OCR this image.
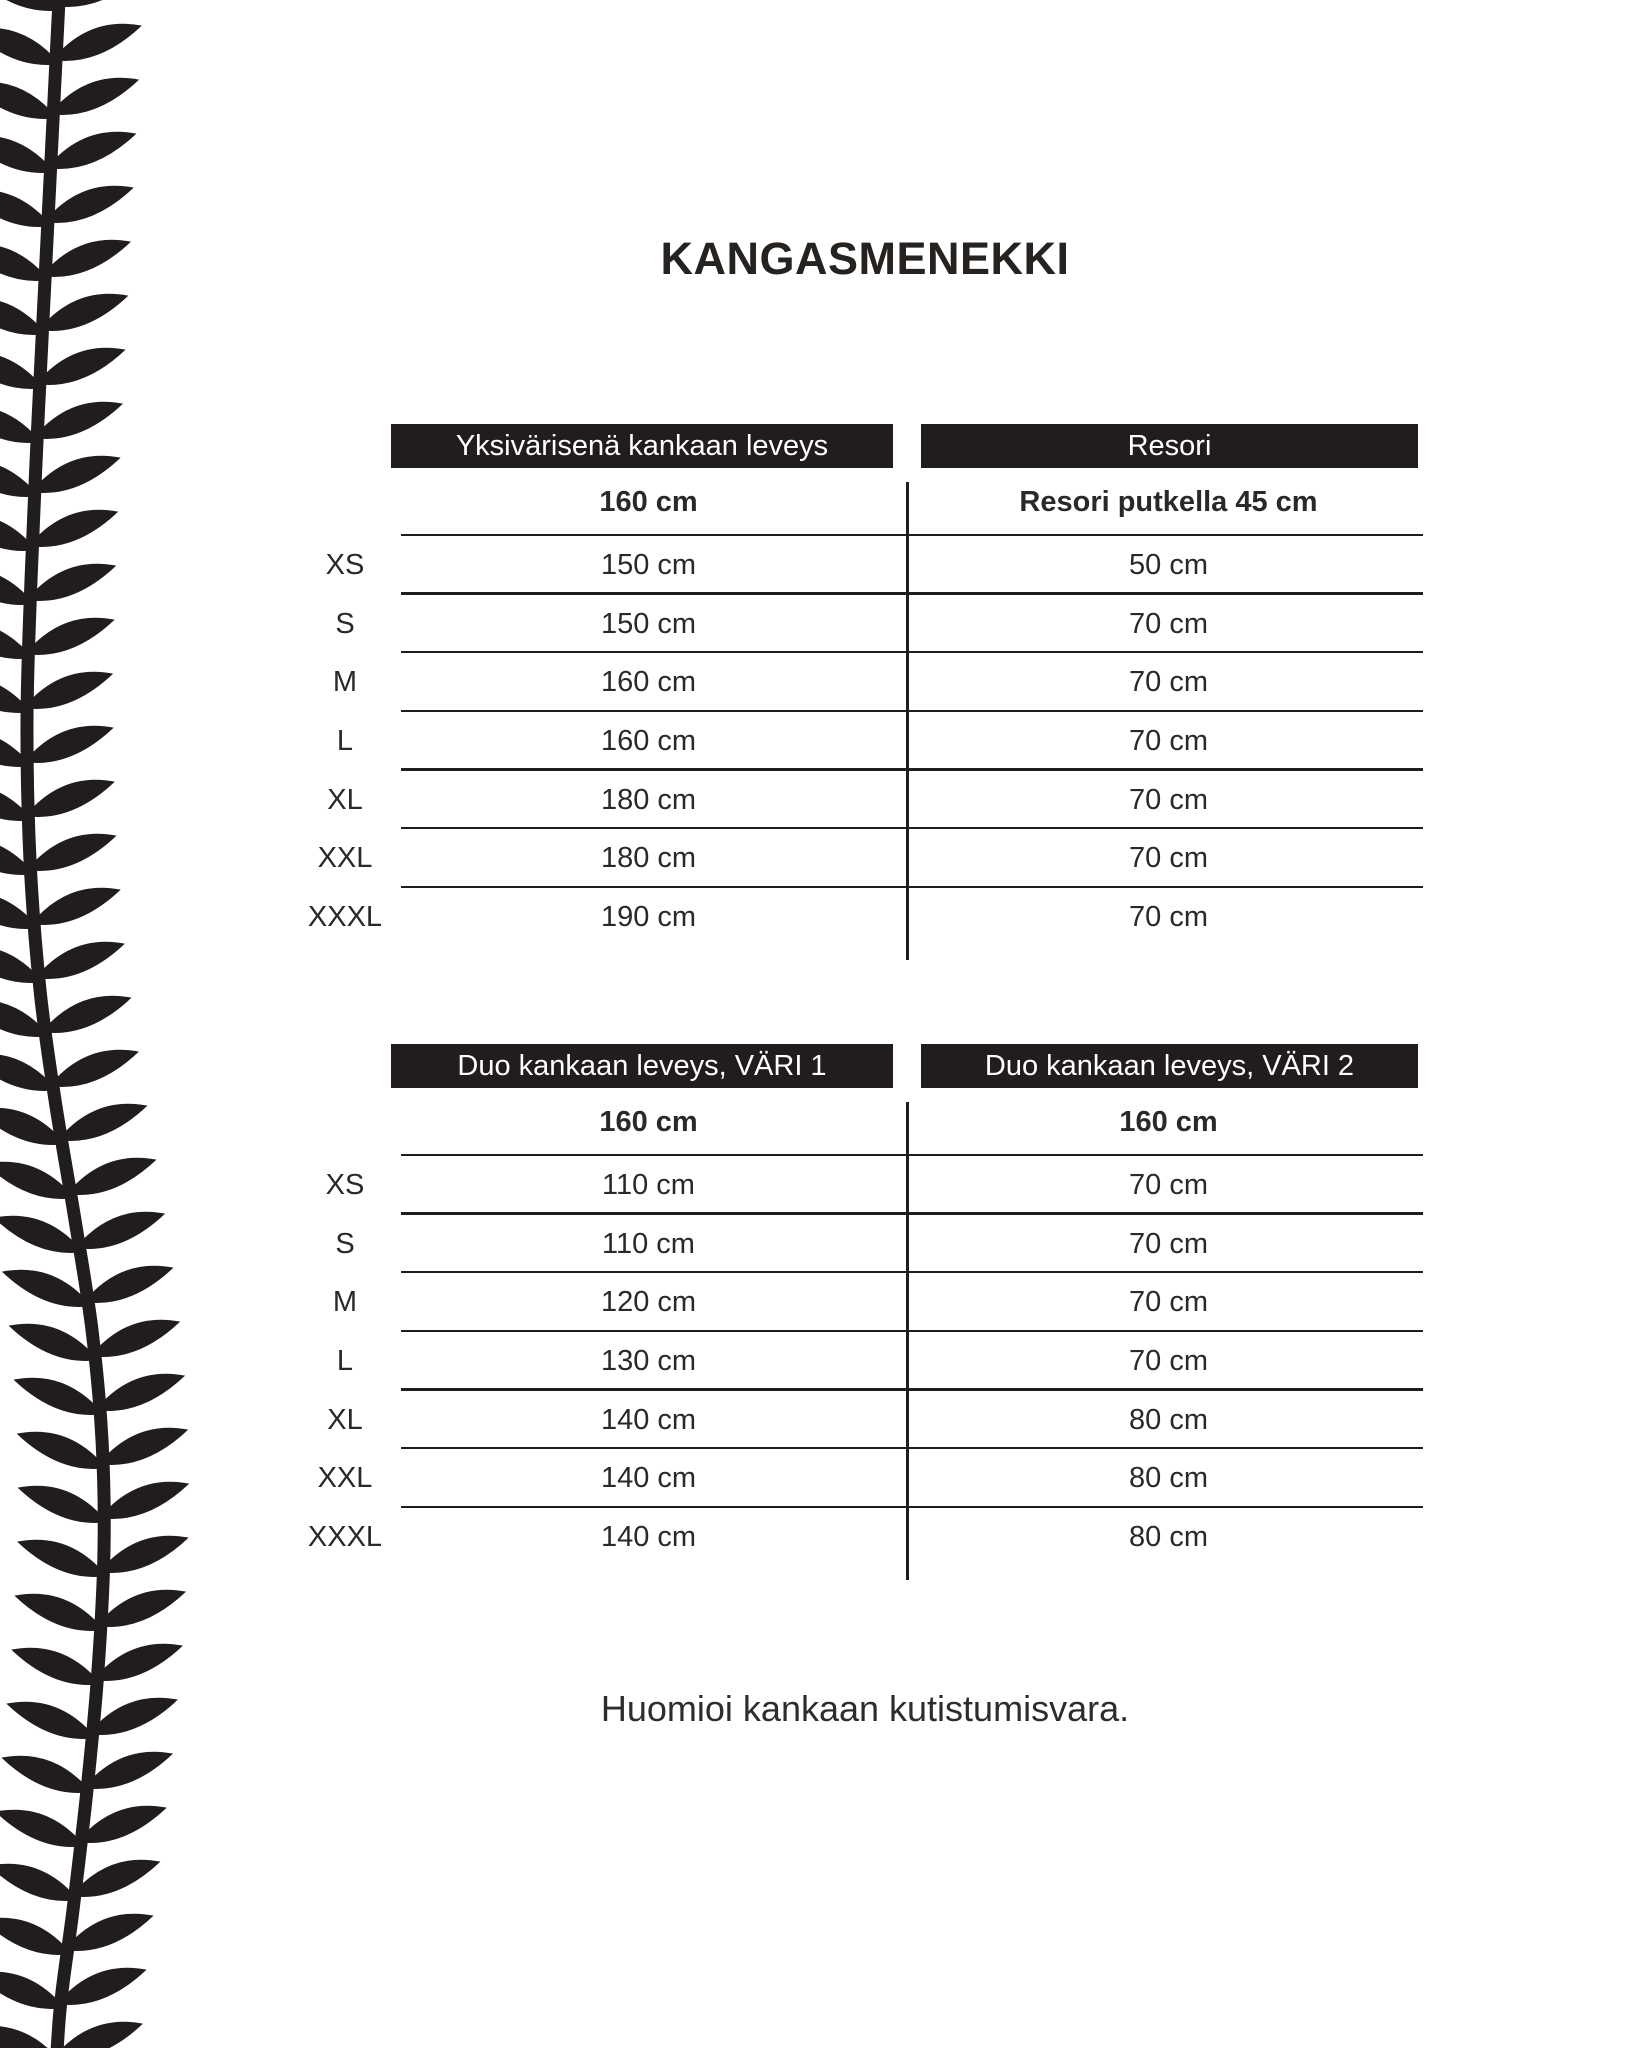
KANGASMENEKKI
Yksivärisenä kankaan leveys	Resori
160 cm	Resori putkella 45 cm
XS	150 cm	50 cm
S	150 cm	70 cm
M	160 cm	70 cm
L	160 cm	70 cm
XL	180 cm	70 cm
XXL	180 cm	70 cm
XXXL	190 cm	70 cm
Duo kankaan leveys, VÄRI 1	Duo kankaan leveys, VÄRI 2
160 cm	160 cm
XS	110 cm	70 cm
S	110 cm	70 cm
M	120 cm	70 cm
L	130 cm	70 cm
XL	140 cm	80 cm
XXL	140 cm	80 cm
XXXL	140 cm	80 cm
Huomioi kankaan kutistumisvara.
